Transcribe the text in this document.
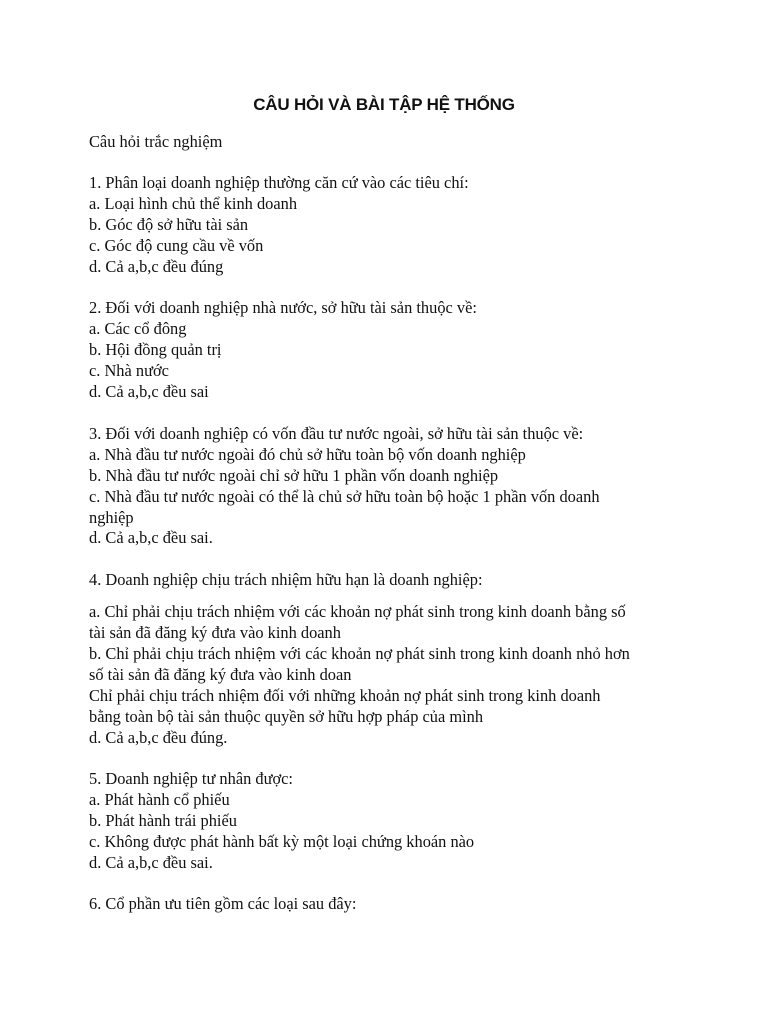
CÂU HỎI VÀ BÀI TẬP HỆ THỐNG
Câu hỏi trắc nghiệm
1. Phân loại doanh nghiệp thường căn cứ vào các tiêu chí:
a. Loại hình chủ thể kinh doanh
b. Góc độ sở hữu tài sản
c. Góc độ cung cầu về vốn
d. Cả a,b,c đều đúng
2. Đối với doanh nghiệp nhà nước, sở hữu tài sản thuộc về:
a. Các cổ đông
b. Hội đồng quản trị
c. Nhà nước
d. Cả a,b,c đều sai
3. Đối với doanh nghiệp có vốn đầu tư nước ngoài, sở hữu tài sản thuộc về:
a. Nhà đầu tư nước ngoài đó chủ sở hữu toàn bộ vốn doanh nghiệp
b. Nhà đầu tư nước ngoài chỉ sở hữu 1 phần vốn doanh nghiệp
c. Nhà đầu tư nước ngoài có thể là chủ sở hữu toàn bộ hoặc 1 phần vốn doanh
nghiệp
d. Cả a,b,c đều sai.
4. Doanh nghiệp chịu trách nhiệm hữu hạn là doanh nghiệp:
a. Chỉ phải chịu trách nhiệm với các khoản nợ phát sinh trong kinh doanh bằng số
tài sản đã đăng ký đưa vào kinh doanh
b. Chỉ phải chịu trách nhiệm với các khoản nợ phát sinh trong kinh doanh nhỏ hơn
số tài sản đã đăng ký đưa vào kinh doan
Chỉ phải chịu trách nhiệm đối với những khoản nợ phát sinh trong kinh doanh
bằng toàn bộ tài sản thuộc quyền sở hữu hợp pháp của mình
d. Cả a,b,c đều đúng.
5. Doanh nghiệp tư nhân được:
a. Phát hành cổ phiếu
b. Phát hành trái phiếu
c. Không được phát hành bất kỳ một loại chứng khoán nào
d. Cả a,b,c đều sai.
6. Cổ phần ưu tiên gồm các loại sau đây:
